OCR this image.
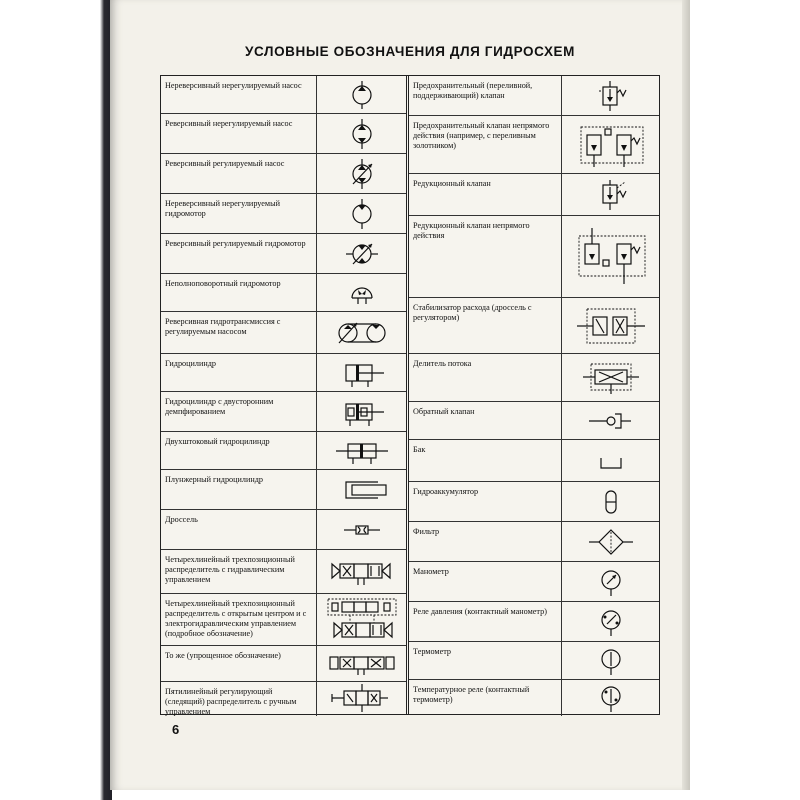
УСЛОВНЫЕ ОБОЗНАЧЕНИЯ ДЛЯ ГИДРОСХЕМ
Нереверсивный нерегулируемый насос
Реверсивный нерегулируемый насос
Реверсивный регулируемый насос
Нереверсивный нерегулируемый гидромотор
Реверсивный регулируемый гидромотор
Неполноповоротный гидромотор
Реверсивная гидротрансмиссия с регулируемым насосом
Гидроцилиндр
Гидроцилиндр с двусторонним демпфированием
Двухштоковый гидроцилиндр
Плунжерный гидроцилиндр
Дроссель
Четырехлинейный трехпозиционный распределитель с гидравлическим управлением
Четырехлинейный трехпозиционный распределитель с открытым центром и с электрогидравлическим управлением (подробное обозначение)
То же (упрощенное обозначение)
Пятилинейный регулирующий (следящий) распределитель с ручным управлением
Предохранительный (переливной, поддерживающий) клапан
Предохранительный клапан непрямого действия (например, с переливным золотником)
Редукционный клапан
Редукционный клапан непрямого действия
Стабилизатор расхода (дроссель с регулятором)
Делитель потока
Обратный клапан
Бак
Гидроаккумулятор
Фильтр
Манометр
Реле давления (контактный манометр)
Термометр
Температурное реле (контактный термометр)
6
